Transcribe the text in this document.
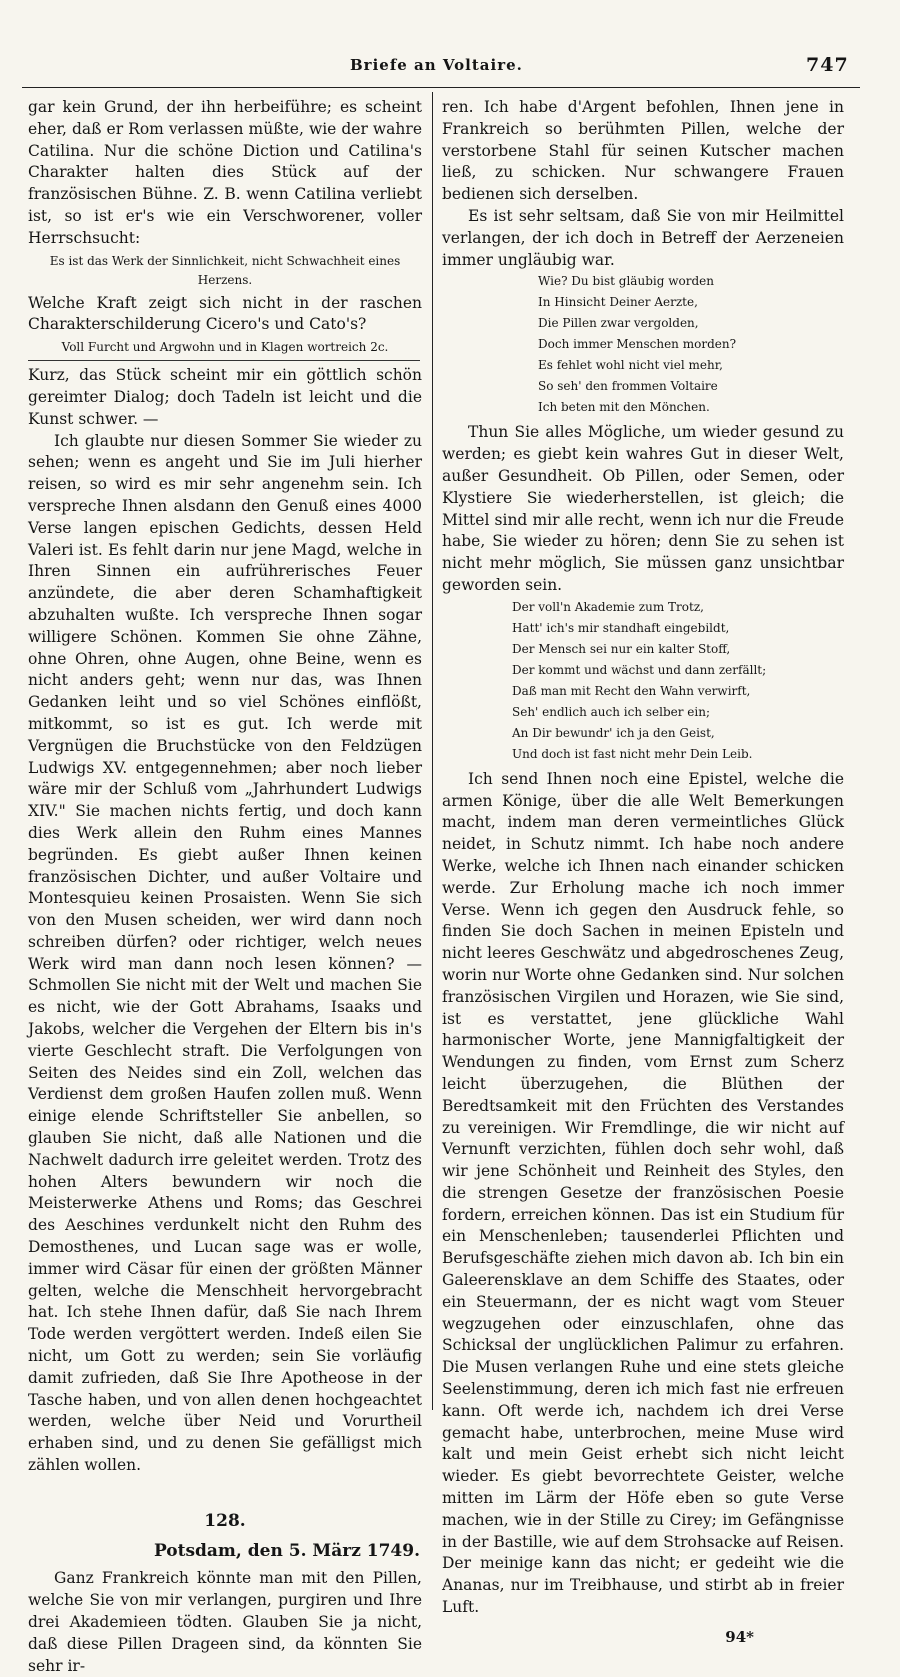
Briefe an Voltaire.	747

gar kein Grund, der ihn herbeiführe; es scheint eher, daß er Rom verlassen müßte, wie der wahre Catilina. Nur die schöne Diction und Catilina's Charakter halten dies Stück auf der französischen Bühne. Z. B. wenn Catilina verliebt ist, so ist er's wie ein Verschworener, voller Herrschsucht:

Es ist das Werk der Sinnlichkeit, nicht Schwachheit eines Herzens.

Welche Kraft zeigt sich nicht in der raschen Charakterschilderung Cicero's und Cato's?

Voll Furcht und Argwohn und in Klagen wortreich 2c.

Kurz, das Stück scheint mir ein göttlich schön gereimter Dialog; doch Tadeln ist leicht und die Kunst schwer. —

Ich glaubte nur diesen Sommer Sie wieder zu sehen; wenn es angeht und Sie im Juli hierher reisen, so wird es mir sehr angenehm sein. Ich verspreche Ihnen alsdann den Genuß eines 4000 Verse langen epischen Gedichts, dessen Held Valeri ist. Es fehlt darin nur jene Magd, welche in Ihren Sinnen ein aufrührerisches Feuer anzündete, die aber deren Schamhaftigkeit abzuhalten wußte. Ich verspreche Ihnen sogar willigere Schönen. Kommen Sie ohne Zähne, ohne Ohren, ohne Augen, ohne Beine, wenn es nicht anders geht; wenn nur das, was Ihnen Gedanken leiht und so viel Schönes einflößt, mitkommt, so ist es gut. Ich werde mit Vergnügen die Bruchstücke von den Feldzügen Ludwigs XV. entgegennehmen; aber noch lieber wäre mir der Schluß vom „Jahrhundert Ludwigs XIV." Sie machen nichts fertig, und doch kann dies Werk allein den Ruhm eines Mannes begründen. Es giebt außer Ihnen keinen französischen Dichter, und außer Voltaire und Montesquieu keinen Prosaisten. Wenn Sie sich von den Musen scheiden, wer wird dann noch schreiben dürfen? oder richtiger, welch neues Werk wird man dann noch lesen können? — Schmollen Sie nicht mit der Welt und machen Sie es nicht, wie der Gott Abrahams, Isaaks und Jakobs, welcher die Vergehen der Eltern bis in's vierte Geschlecht straft. Die Verfolgungen von Seiten des Neides sind ein Zoll, welchen das Verdienst dem großen Haufen zollen muß. Wenn einige elende Schriftsteller Sie anbellen, so glauben Sie nicht, daß alle Nationen und die Nachwelt dadurch irre geleitet werden. Trotz des hohen Alters bewundern wir noch die Meisterwerke Athens und Roms; das Geschrei des Aeschines verdunkelt nicht den Ruhm des Demosthenes, und Lucan sage was er wolle, immer wird Cäsar für einen der größten Männer gelten, welche die Menschheit hervorgebracht hat. Ich stehe Ihnen dafür, daß Sie nach Ihrem Tode werden vergöttert werden. Indeß eilen Sie nicht, um Gott zu werden; sein Sie vorläufig damit zufrieden, daß Sie Ihre Apotheose in der Tasche haben, und von allen denen hochgeachtet werden, welche über Neid und Vorurtheil erhaben sind, und zu denen Sie gefälligst mich zählen wollen.

128.
Potsdam, den 5. März 1749.

Ganz Frankreich könnte man mit den Pillen, welche Sie von mir verlangen, purgiren und Ihre drei Akademieen tödten. Glauben Sie ja nicht, daß diese Pillen Drageen sind, da könnten Sie sehr ir-

ren. Ich habe d'Argent befohlen, Ihnen jene in Frankreich so berühmten Pillen, welche der verstorbene Stahl für seinen Kutscher machen ließ, zu schicken. Nur schwangere Frauen bedienen sich derselben.

Es ist sehr seltsam, daß Sie von mir Heilmittel verlangen, der ich doch in Betreff der Aerzeneien immer ungläubig war.

Wie? Du bist gläubig worden
In Hinsicht Deiner Aerzte,
Die Pillen zwar vergolden,
Doch immer Menschen morden?
Es fehlet wohl nicht viel mehr,
So seh' den frommen Voltaire
Ich beten mit den Mönchen.

Thun Sie alles Mögliche, um wieder gesund zu werden; es giebt kein wahres Gut in dieser Welt, außer Gesundheit. Ob Pillen, oder Semen, oder Klystiere Sie wiederherstellen, ist gleich; die Mittel sind mir alle recht, wenn ich nur die Freude habe, Sie wieder zu hören; denn Sie zu sehen ist nicht mehr möglich, Sie müssen ganz unsichtbar geworden sein.

Der voll'n Akademie zum Trotz,
Hatt' ich's mir standhaft eingebildt,
Der Mensch sei nur ein kalter Stoff,
Der kommt und wächst und dann zerfällt;
Daß man mit Recht den Wahn verwirft,
Seh' endlich auch ich selber ein;
An Dir bewundr' ich ja den Geist,
Und doch ist fast nicht mehr Dein Leib.

Ich send Ihnen noch eine Epistel, welche die armen Könige, über die alle Welt Bemerkungen macht, indem man deren vermeintliches Glück neidet, in Schutz nimmt. Ich habe noch andere Werke, welche ich Ihnen nach einander schicken werde. Zur Erholung mache ich noch immer Verse. Wenn ich gegen den Ausdruck fehle, so finden Sie doch Sachen in meinen Episteln und nicht leeres Geschwätz und abgedroschenes Zeug, worin nur Worte ohne Gedanken sind. Nur solchen französischen Virgilen und Horazen, wie Sie sind, ist es verstattet, jene glückliche Wahl harmonischer Worte, jene Mannigfaltigkeit der Wendungen zu finden, vom Ernst zum Scherz leicht überzugehen, die Blüthen der Beredtsamkeit mit den Früchten des Verstandes zu vereinigen. Wir Fremdlinge, die wir nicht auf Vernunft verzichten, fühlen doch sehr wohl, daß wir jene Schönheit und Reinheit des Styles, den die strengen Gesetze der französischen Poesie fordern, erreichen können. Das ist ein Studium für ein Menschenleben; tausenderlei Pflichten und Berufsgeschäfte ziehen mich davon ab. Ich bin ein Galeerensklave an dem Schiffe des Staates, oder ein Steuermann, der es nicht wagt vom Steuer wegzugehen oder einzuschlafen, ohne das Schicksal der unglücklichen Palimur zu erfahren. Die Musen verlangen Ruhe und eine stets gleiche Seelenstimmung, deren ich mich fast nie erfreuen kann. Oft werde ich, nachdem ich drei Verse gemacht habe, unterbrochen, meine Muse wird kalt und mein Geist erhebt sich nicht leicht wieder. Es giebt bevorrechtete Geister, welche mitten im Lärm der Höfe eben so gute Verse machen, wie in der Stille zu Cirey; im Gefängnisse in der Bastille, wie auf dem Strohsacke auf Reisen. Der meinige kann das nicht; er gedeiht wie die Ananas, nur im Treibhause, und stirbt ab in freier Luft.

94*
